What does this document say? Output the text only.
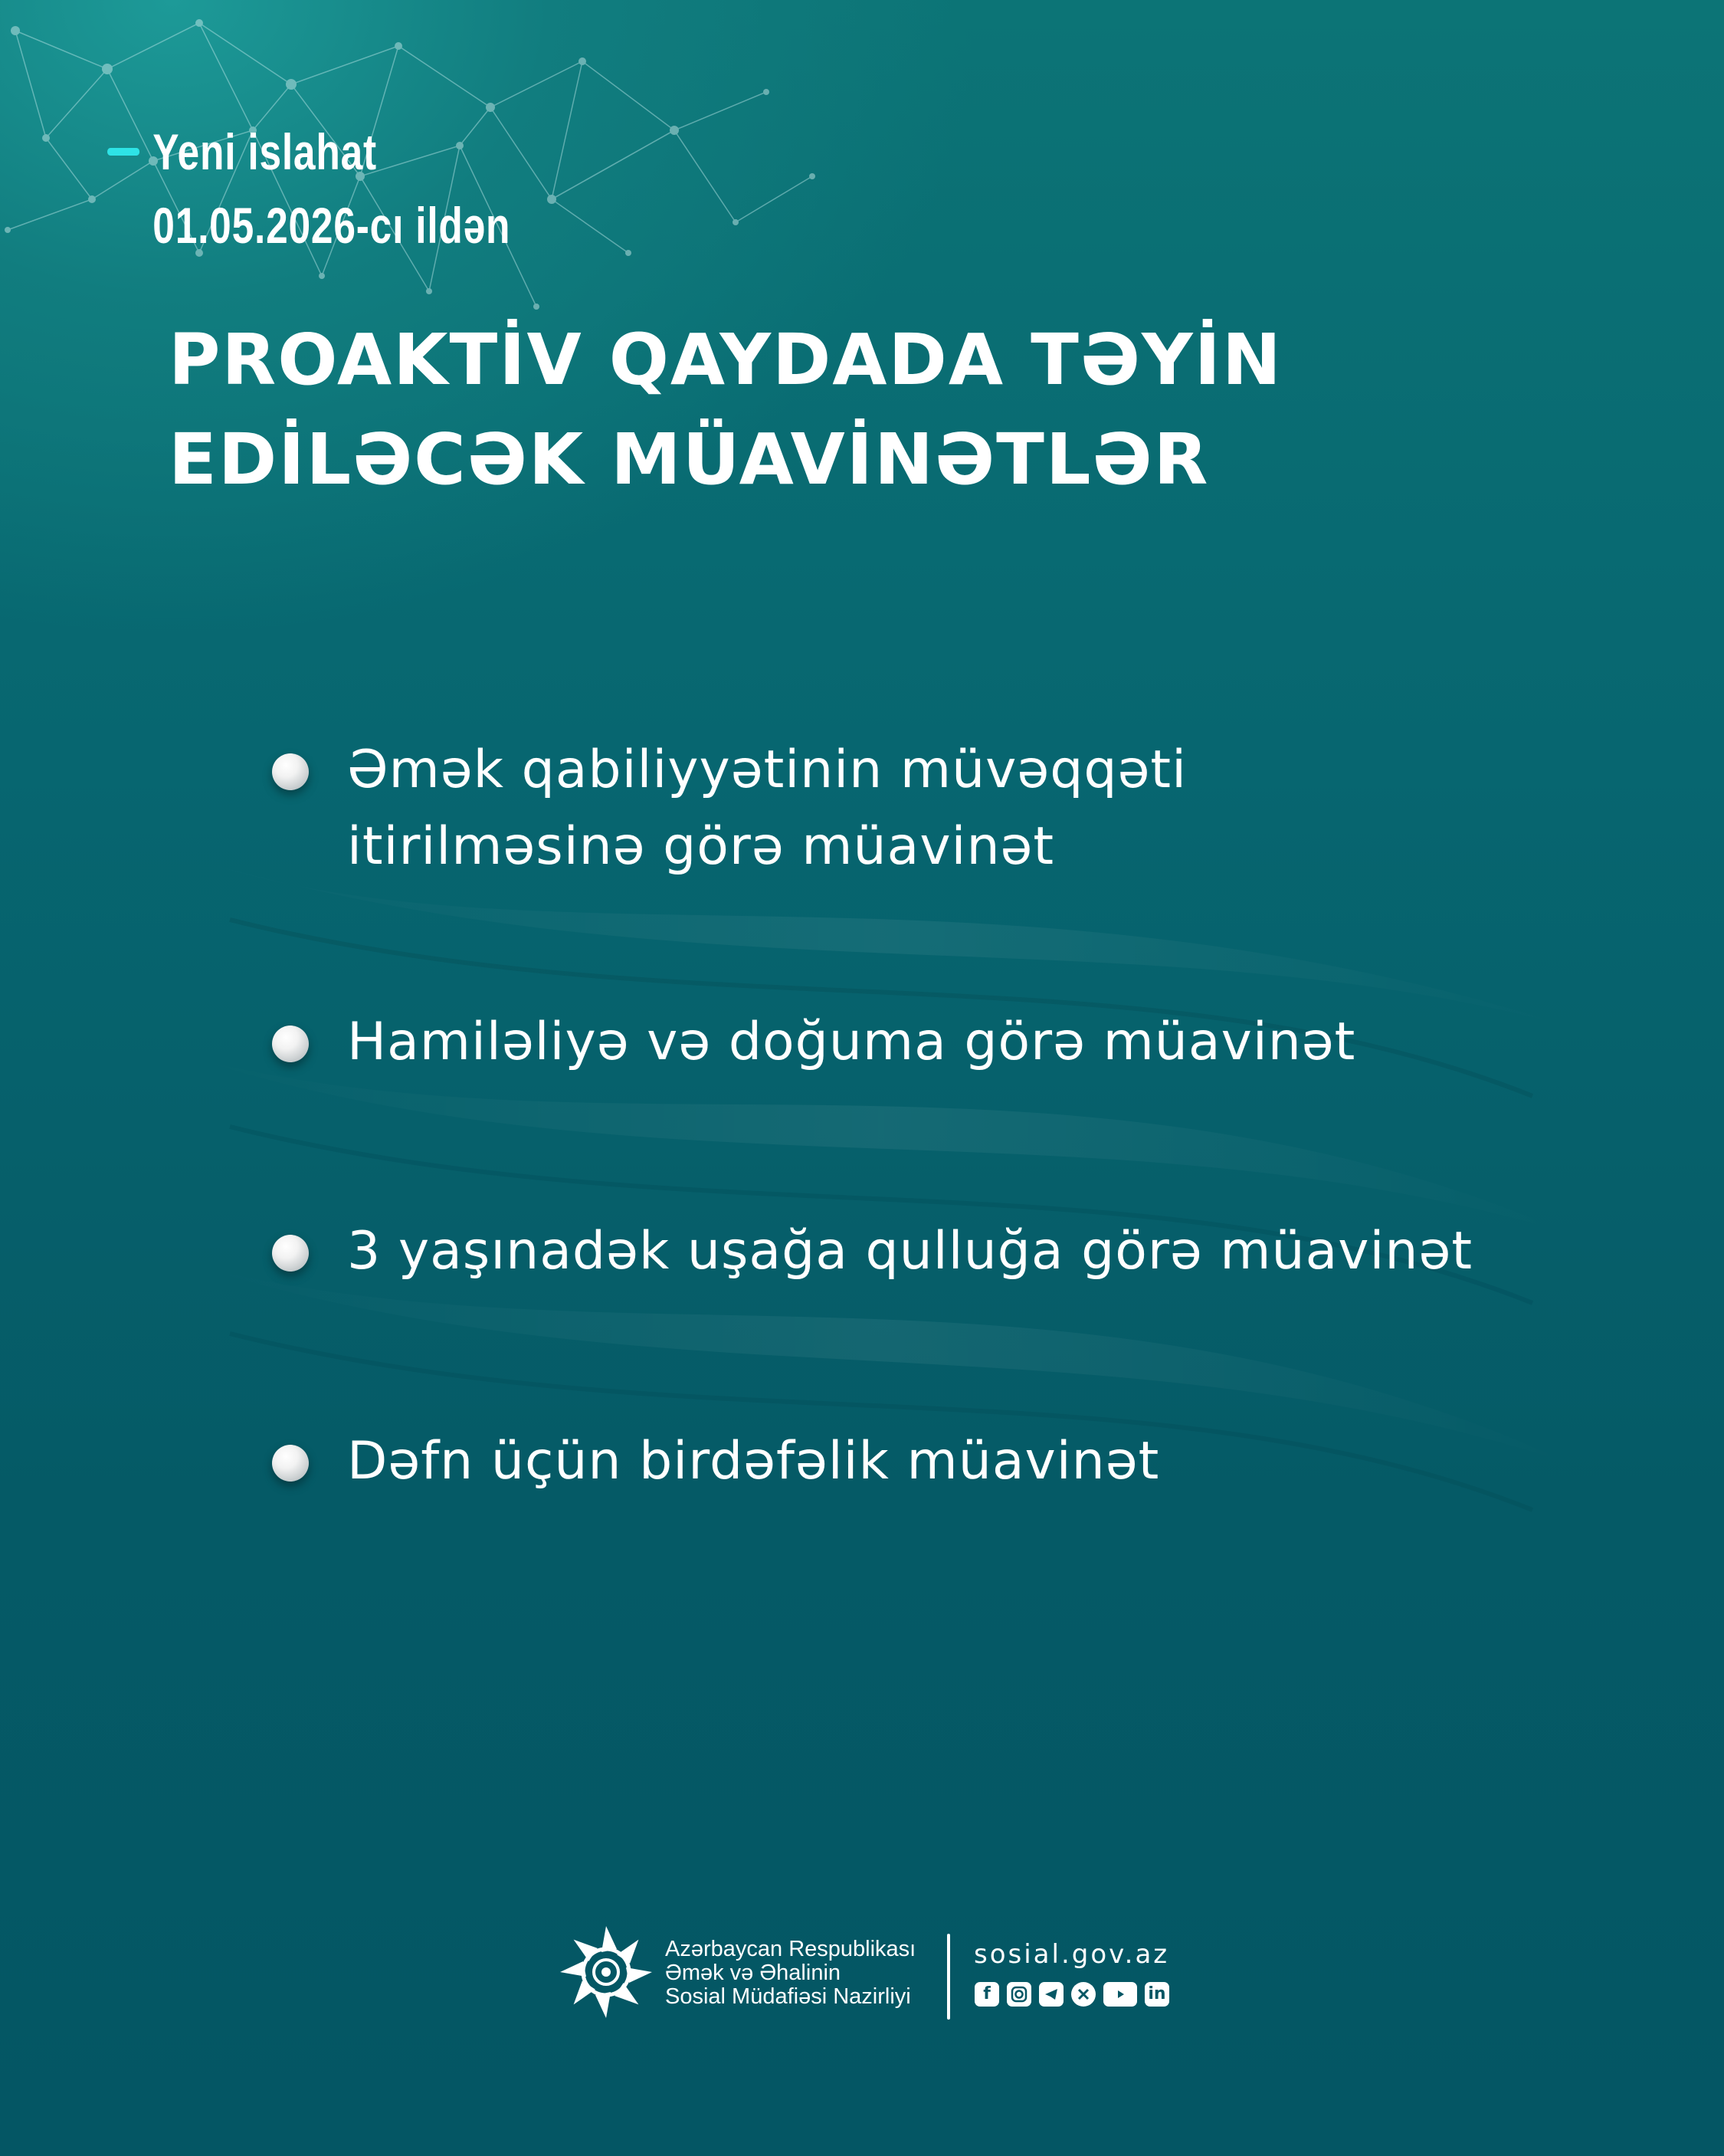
Yeni islahat
01.05.2026-cı ildən
PROAKTİV QAYDADA TƏYİN
EDİLƏCƏK MÜAVİNƏTLƏR
Əmək qabiliyyətinin müvəqqəti
itirilməsinə görə müavinət
Hamiləliyə və doğuma görə müavinət
3 yaşınadək uşağa qulluğa görə müavinət
Dəfn üçün birdəfəlik müavinət
Azərbaycan Respublikası
Əmək və Əhalinin
Sosial Müdafiəsi Nazirliyi
sosial.gov.az
f	in
